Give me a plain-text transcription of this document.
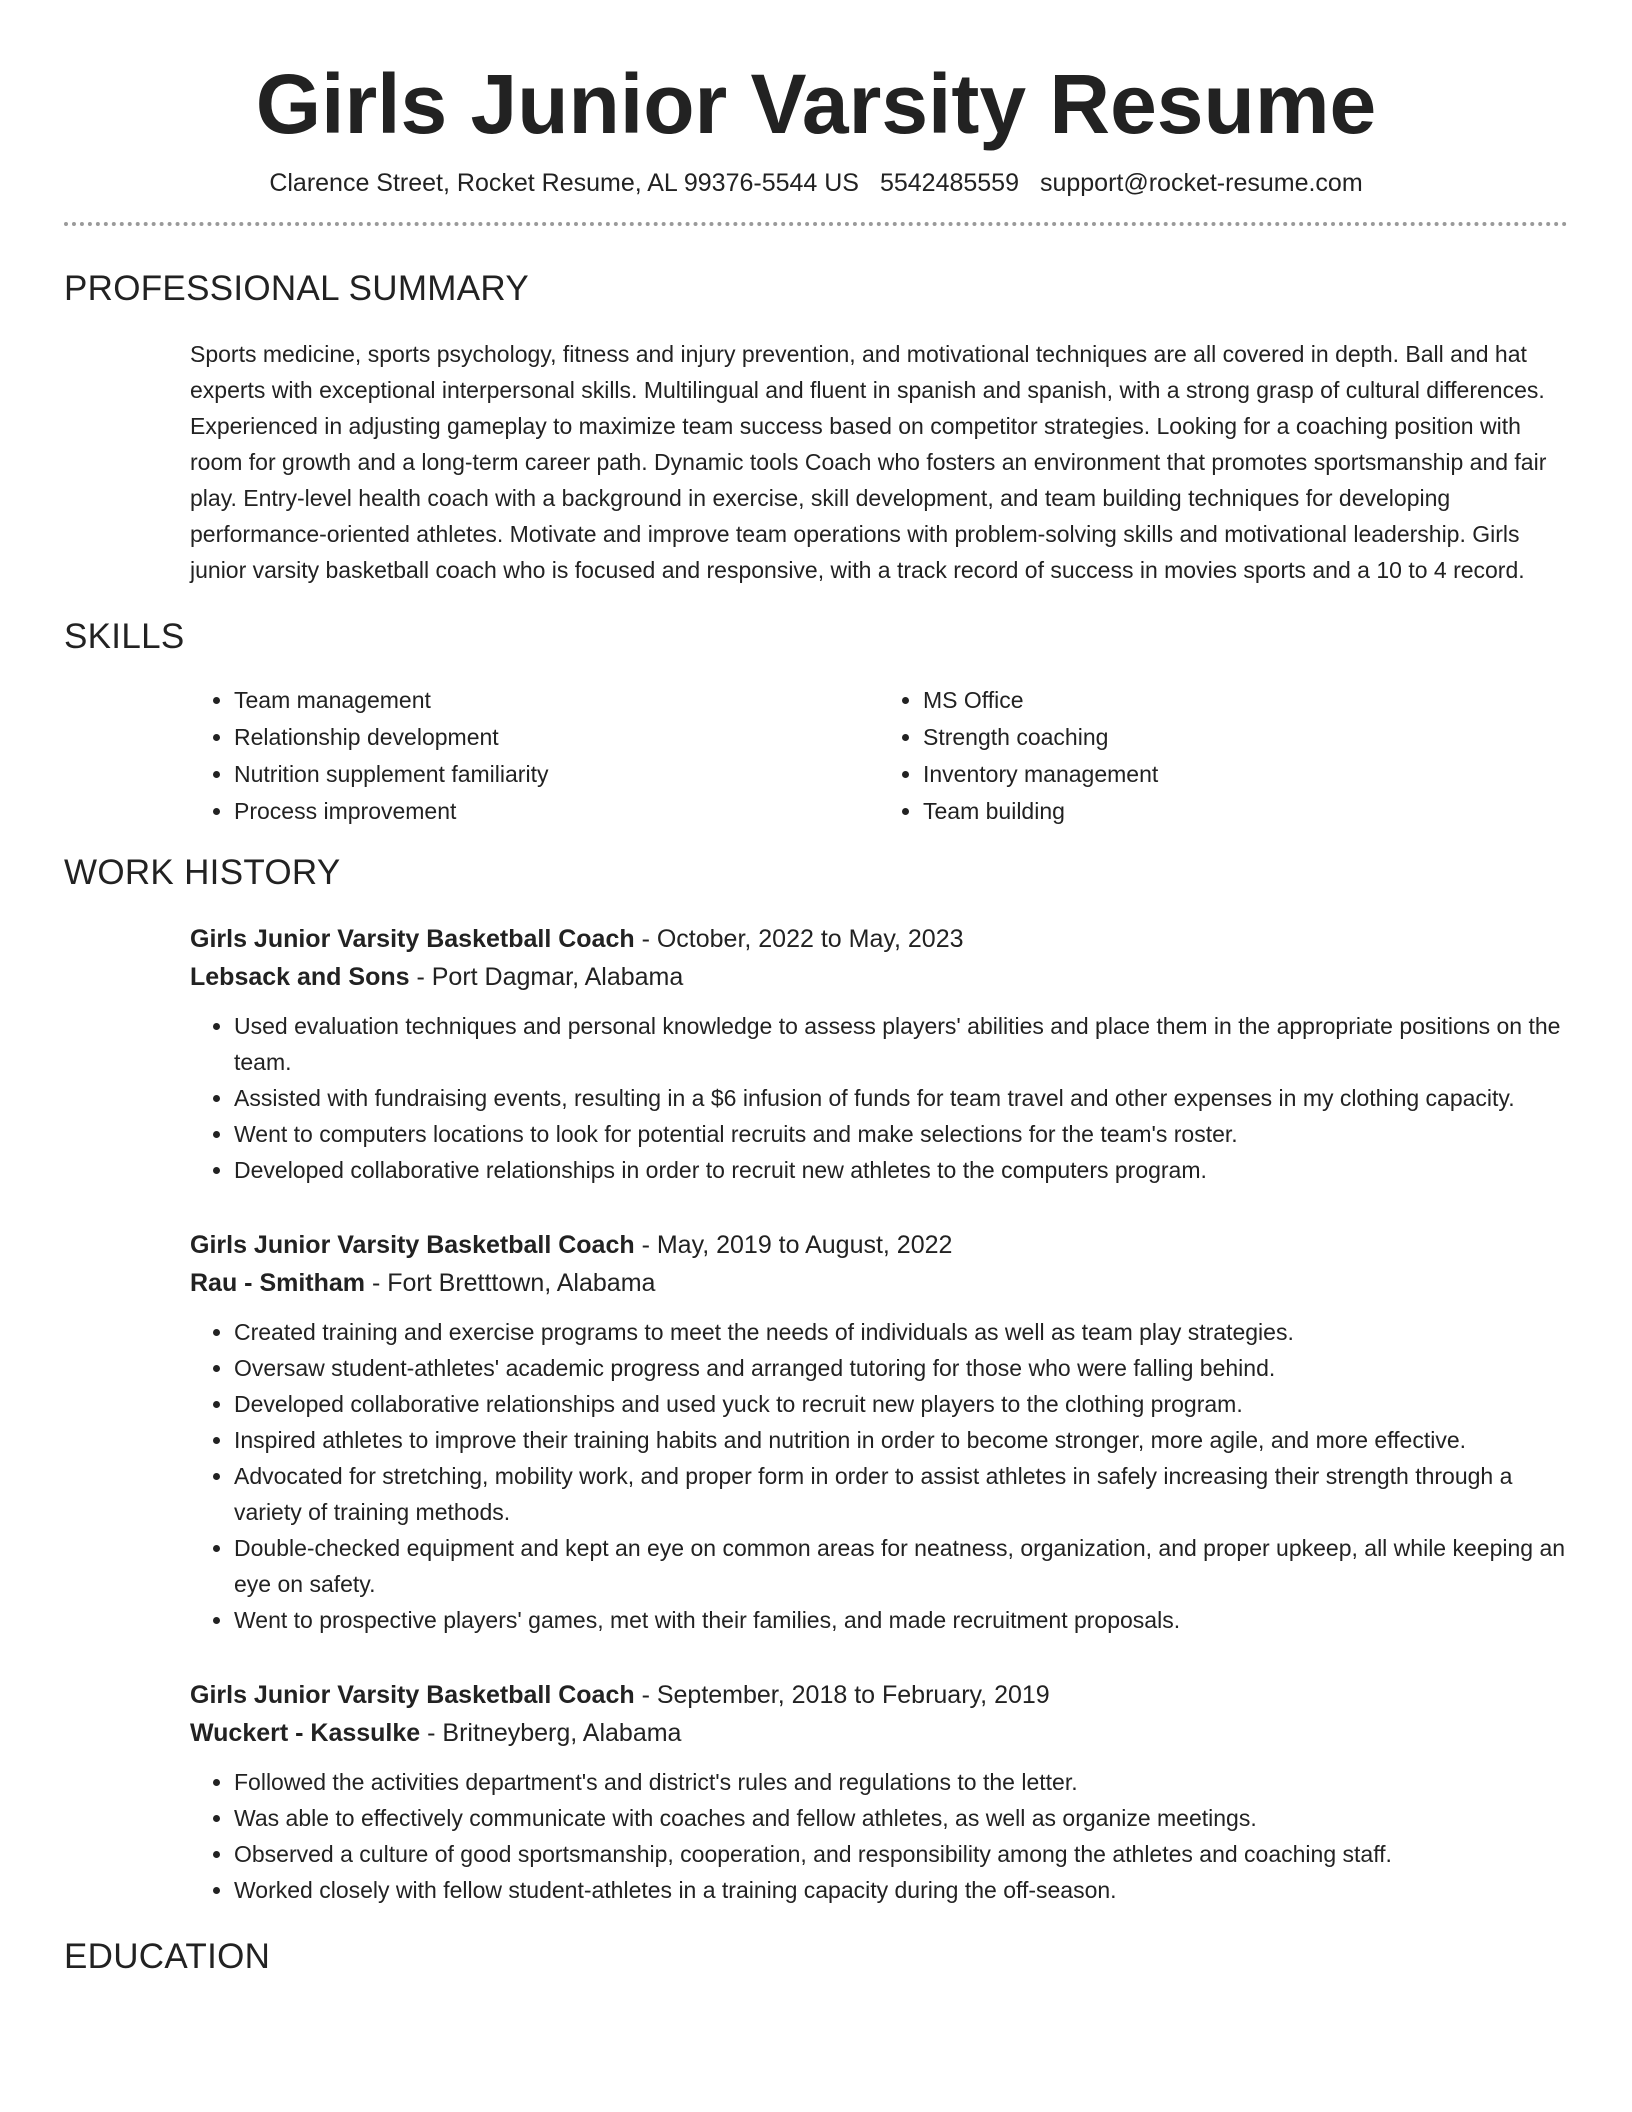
Girls Junior Varsity Resume
Clarence Street, Rocket Resume, AL 99376-5544 US 5542485559 support@rocket-resume.com
PROFESSIONAL SUMMARY

Sports medicine, sports psychology, fitness and injury prevention, and motivational techniques are all covered in depth. Ball and hat experts with exceptional interpersonal skills. Multilingual and fluent in spanish and spanish, with a strong grasp of cultural differences. Experienced in adjusting gameplay to maximize team success based on competitor strategies. Looking for a coaching position with room for growth and a long-term career path. Dynamic tools Coach who fosters an environment that promotes sportsmanship and fair play. Entry-level health coach with a background in exercise, skill development, and team building techniques for developing performance-oriented athletes. Motivate and improve team operations with problem-solving skills and motivational leadership. Girls junior varsity basketball coach who is focused and responsive, with a track record of success in movies sports and a 10 to 4 record.

SKILLS
• Team management
• Relationship development
• Nutrition supplement familiarity
• Process improvement
• MS Office
• Strength coaching
• Inventory management
• Team building
WORK HISTORY
Girls Junior Varsity Basketball Coach - October, 2022 to May, 2023
Lebsack and Sons - Port Dagmar, Alabama
• Used evaluation techniques and personal knowledge to assess players' abilities and place them in the appropriate positions on the team.
• Assisted with fundraising events, resulting in a $6 infusion of funds for team travel and other expenses in my clothing capacity.
• Went to computers locations to look for potential recruits and make selections for the team's roster.
• Developed collaborative relationships in order to recruit new athletes to the computers program.
Girls Junior Varsity Basketball Coach - May, 2019 to August, 2022
Rau - Smitham - Fort Bretttown, Alabama
• Created training and exercise programs to meet the needs of individuals as well as team play strategies.
• Oversaw student-athletes' academic progress and arranged tutoring for those who were falling behind.
• Developed collaborative relationships and used yuck to recruit new players to the clothing program.
• Inspired athletes to improve their training habits and nutrition in order to become stronger, more agile, and more effective.
• Advocated for stretching, mobility work, and proper form in order to assist athletes in safely increasing their strength through a variety of training methods.
• Double-checked equipment and kept an eye on common areas for neatness, organization, and proper upkeep, all while keeping an eye on safety.
• Went to prospective players' games, met with their families, and made recruitment proposals.
Girls Junior Varsity Basketball Coach - September, 2018 to February, 2019
Wuckert - Kassulke - Britneyberg, Alabama
• Followed the activities department's and district's rules and regulations to the letter.
• Was able to effectively communicate with coaches and fellow athletes, as well as organize meetings.
• Observed a culture of good sportsmanship, cooperation, and responsibility among the athletes and coaching staff.
• Worked closely with fellow student-athletes in a training capacity during the off-season.
EDUCATION
